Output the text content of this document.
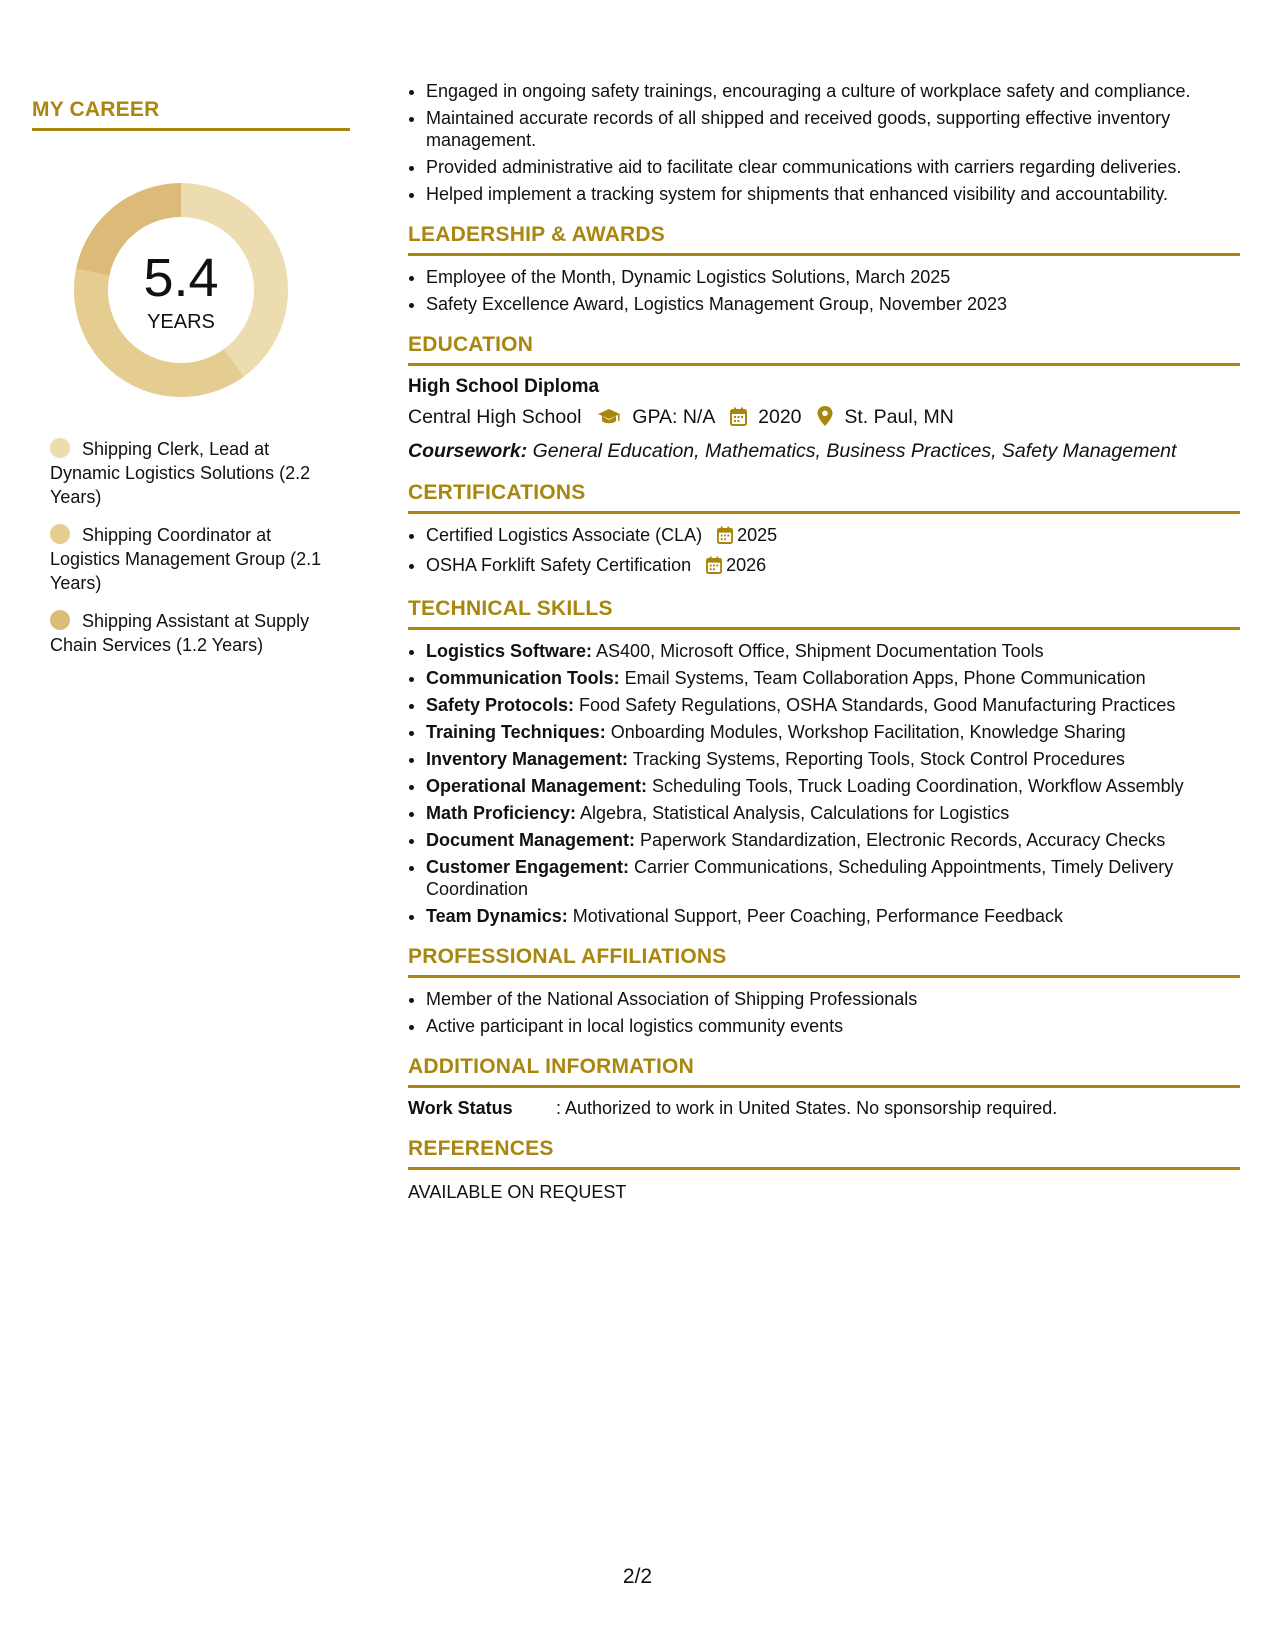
MY CAREER
5.4
YEARS
Shipping Clerk, Lead at Dynamic Logistics Solutions (2.2 Years)
Shipping Coordinator at Logistics Management Group (2.1 Years)
Shipping Assistant at Supply Chain Services (1.2 Years)
• Engaged in ongoing safety trainings, encouraging a culture of workplace safety and compliance.
• Maintained accurate records of all shipped and received goods, supporting effective inventory management.
• Provided administrative aid to facilitate clear communications with carriers regarding deliveries.
• Helped implement a tracking system for shipments that enhanced visibility and accountability.
LEADERSHIP & AWARDS
• Employee of the Month, Dynamic Logistics Solutions, March 2025
• Safety Excellence Award, Logistics Management Group, November 2023
EDUCATION
High School Diploma
Central High School	GPA: N/A 2020 St. Paul, MN
Coursework: General Education, Mathematics, Business Practices, Safety Management
CERTIFICATIONS
• Certified Logistics Associate (CLA) 2025
• OSHA Forklift Safety Certification 2026
TECHNICAL SKILLS
• Logistics Software: AS400, Microsoft Office, Shipment Documentation Tools
• Communication Tools: Email Systems, Team Collaboration Apps, Phone Communication
• Safety Protocols: Food Safety Regulations, OSHA Standards, Good Manufacturing Practices
• Training Techniques: Onboarding Modules, Workshop Facilitation, Knowledge Sharing
• Inventory Management: Tracking Systems, Reporting Tools, Stock Control Procedures
• Operational Management: Scheduling Tools, Truck Loading Coordination, Workflow Assembly
• Math Proficiency: Algebra, Statistical Analysis, Calculations for Logistics
• Document Management: Paperwork Standardization, Electronic Records, Accuracy Checks
• Customer Engagement: Carrier Communications, Scheduling Appointments, Timely Delivery Coordination
• Team Dynamics: Motivational Support, Peer Coaching, Performance Feedback
PROFESSIONAL AFFILIATIONS
• Member of the National Association of Shipping Professionals
• Active participant in local logistics community events
ADDITIONAL INFORMATION
Work Status : Authorized to work in United States. No sponsorship required.
REFERENCES
AVAILABLE ON REQUEST
2/2
